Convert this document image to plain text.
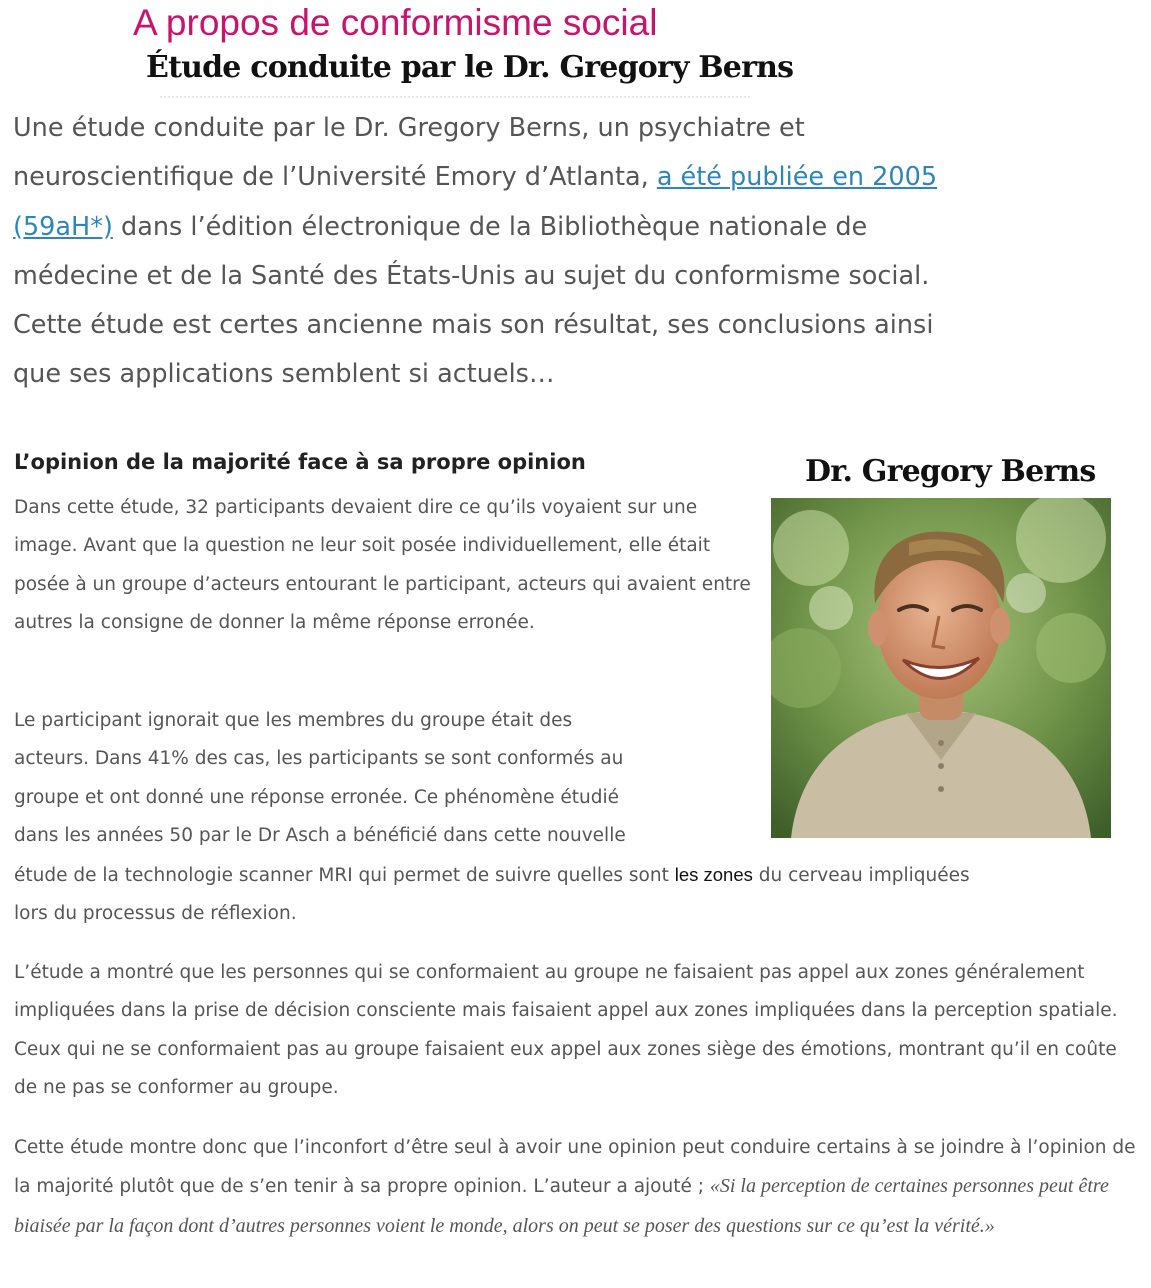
A propos de conformisme social
Étude conduite par le Dr. Gregory Berns

Une étude conduite par le Dr. Gregory Berns, un psychiatre et neuroscientifique de l’Université Emory d’Atlanta, a été publiée en 2005 (59aH*) dans l’édition électronique de la Bibliothèque nationale de médecine et de la Santé des États-Unis au sujet du conformisme social. Cette étude est certes ancienne mais son résultat, ses conclusions ainsi que ses applications semblent si actuels…

L’opinion de la majorité face à sa propre opinion	Dr. Gregory Berns

Dans cette étude, 32 participants devaient dire ce qu’ils voyaient sur une image. Avant que la question ne leur soit posée individuellement, elle était posée à un groupe d’acteurs entourant le participant, acteurs qui avaient entre autres la consigne de donner la même réponse erronée.

Le participant ignorait que les membres du groupe était des
acteurs. Dans 41% des cas, les participants se sont conformés au
groupe et ont donné une réponse erronée. Ce phénomène étudié
dans les années 50 par le Dr Asch a bénéficié dans cette nouvelle
étude de la technologie scanner MRI qui permet de suivre quelles sont les zones du cerveau impliquées
lors du processus de réflexion.

L’étude a montré que les personnes qui se conformaient au groupe ne faisaient pas appel aux zones généralement impliquées dans la prise de décision consciente mais faisaient appel aux zones impliquées dans la perception spatiale. Ceux qui ne se conformaient pas au groupe faisaient eux appel aux zones siège des émotions, montrant qu’il en coûte de ne pas se conformer au groupe.

Cette étude montre donc que l’inconfort d’être seul à avoir une opinion peut conduire certains à se joindre à l’opinion de la majorité plutôt que de s’en tenir à sa propre opinion. L’auteur a ajouté ; «Si la perception de certaines personnes peut être biaisée par la façon dont d’autres personnes voient le monde, alors on peut se poser des questions sur ce qu’est la vérité.»
